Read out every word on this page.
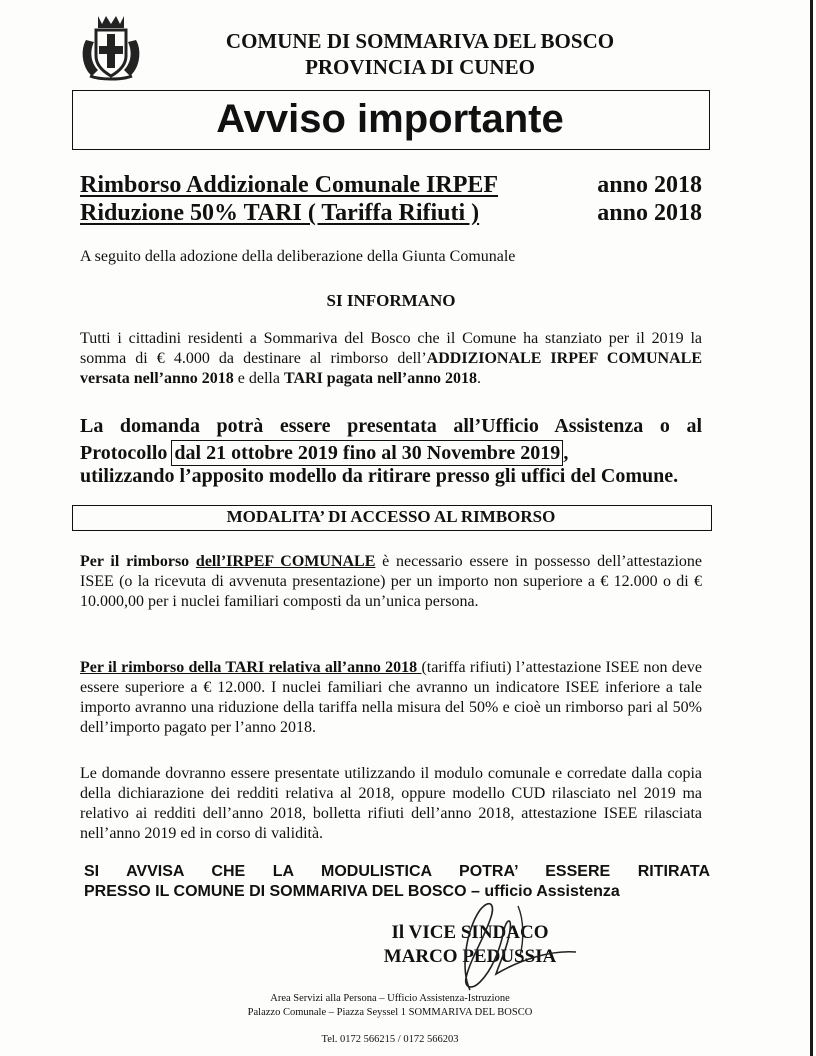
COMUNE DI SOMMARIVA DEL BOSCO
PROVINCIA DI CUNEO
Avviso importante
Rimborso Addizionale Comunale IRPEF	anno 2018
Riduzione 50% TARI ( Tariffa Rifiuti )	anno 2018
A seguito della adozione della deliberazione della Giunta Comunale
SI INFORMANO
Tutti i cittadini residenti a Sommariva del Bosco che il Comune ha stanziato per il 2019 la somma di € 4.000 da destinare al rimborso dell’ADDIZIONALE IRPEF COMUNALE versata nell’anno 2018 e della TARI pagata nell’anno 2018.
La domanda potrà essere presentata all’Ufficio Assistenza o al
Protocollo dal 21 ottobre 2019 fino al 30 Novembre 2019 ,
utilizzando l’apposito modello da ritirare presso gli uffici del Comune.
MODALITA’ DI ACCESSO AL RIMBORSO
Per il rimborso dell’IRPEF COMUNALE è necessario essere in possesso dell’attestazione ISEE (o la ricevuta di avvenuta presentazione) per un importo non superiore a € 12.000 o di € 10.000,00 per i nuclei familiari composti da un’unica persona.
Per il rimborso della TARI relativa all’anno 2018 (tariffa rifiuti) l’attestazione ISEE non deve essere superiore a € 12.000. I nuclei familiari che avranno un indicatore ISEE inferiore a tale importo avranno una riduzione della tariffa nella misura del 50% e cioè un rimborso pari al 50% dell’importo pagato per l’anno 2018.
Le domande dovranno essere presentate utilizzando il modulo comunale e corredate dalla copia della dichiarazione dei redditi relativa al 2018, oppure modello CUD rilasciato nel 2019 ma relativo ai redditi dell’anno 2018, bolletta rifiuti dell’anno 2018, attestazione ISEE rilasciata nell’anno 2019 ed in corso di validità.
SI AVVISA CHE LA MODULISTICA POTRA’ ESSERE RITIRATA
PRESSO IL COMUNE DI SOMMARIVA DEL BOSCO – ufficio Assistenza
Il VICE SINDACO
MARCO PEDUSSIA
Area Servizi alla Persona – Ufficio Assistenza-Istruzione
Palazzo Comunale – Piazza Seyssel 1 SOMMARIVA DEL BOSCO
Tel. 0172 566215 / 0172 566203
